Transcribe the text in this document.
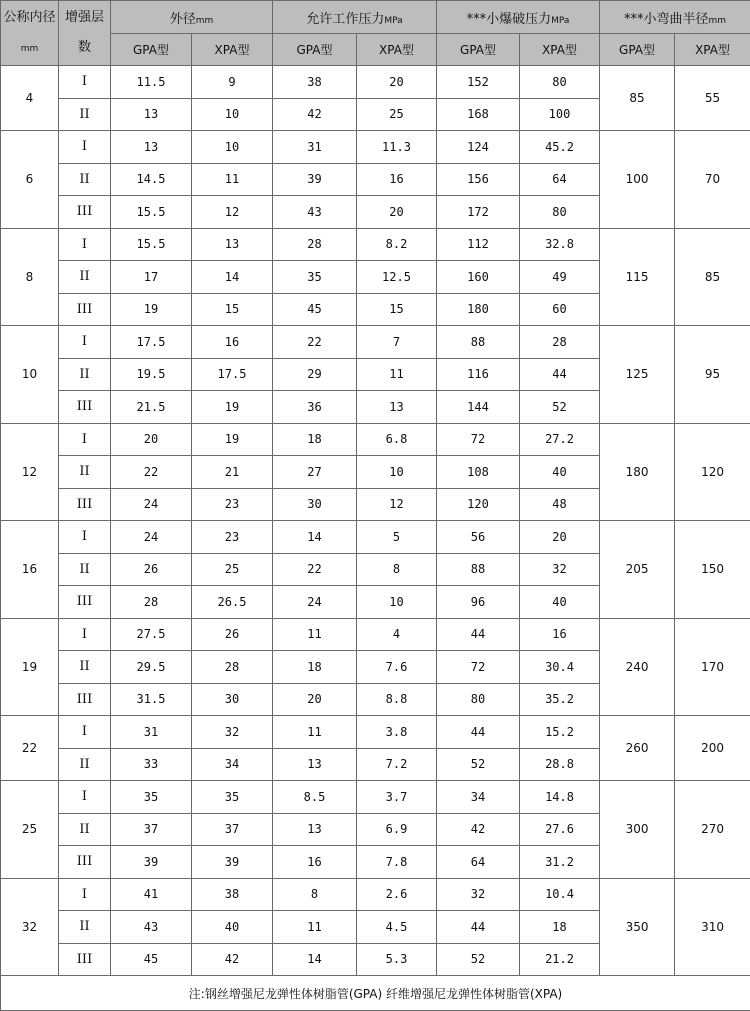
公称内径mm	增强层数	外径mm		允许工作压力MPa		***小爆破压力MPa		***小弯曲半径mm	
		GPA型	XPA型	GPA型	XPA型	GPA型	XPA型	GPA型	XPA型
4	I	11.5	9	38	20	152	80	85	55
	II	13	10	42	25	168	100		
6	I	13	10	31	11.3	124	45.2	100	70
	II	14.5	11	39	16	156	64		
	III	15.5	12	43	20	172	80		
8	I	15.5	13	28	8.2	112	32.8	115	85
	II	17	14	35	12.5	160	49		
	III	19	15	45	15	180	60		
10	I	17.5	16	22	7	88	28	125	95
	II	19.5	17.5	29	11	116	44		
	III	21.5	19	36	13	144	52		
12	I	20	19	18	6.8	72	27.2	180	120
	II	22	21	27	10	108	40		
	III	24	23	30	12	120	48		
16	I	24	23	14	5	56	20	205	150
	II	26	25	22	8	88	32		
	III	28	26.5	24	10	96	40		
19	I	27.5	26	11	4	44	16	240	170
	II	29.5	28	18	7.6	72	30.4		
	III	31.5	30	20	8.8	80	35.2		
22	I	31	32	11	3.8	44	15.2	260	200
	II	33	34	13	7.2	52	28.8		
25	I	35	35	8.5	3.7	34	14.8	300	270
	II	37	37	13	6.9	42	27.6		
	III	39	39	16	7.8	64	31.2		
32	I	41	38	8	2.6	32	10.4	350	310
	II	43	40	11	4.5	44	18		
	III	45	42	14	5.3	52	21.2		
注:钢丝增强尼龙弹性体树脂管(GPA) 纤维增强尼龙弹性体树脂管(XPA)									
